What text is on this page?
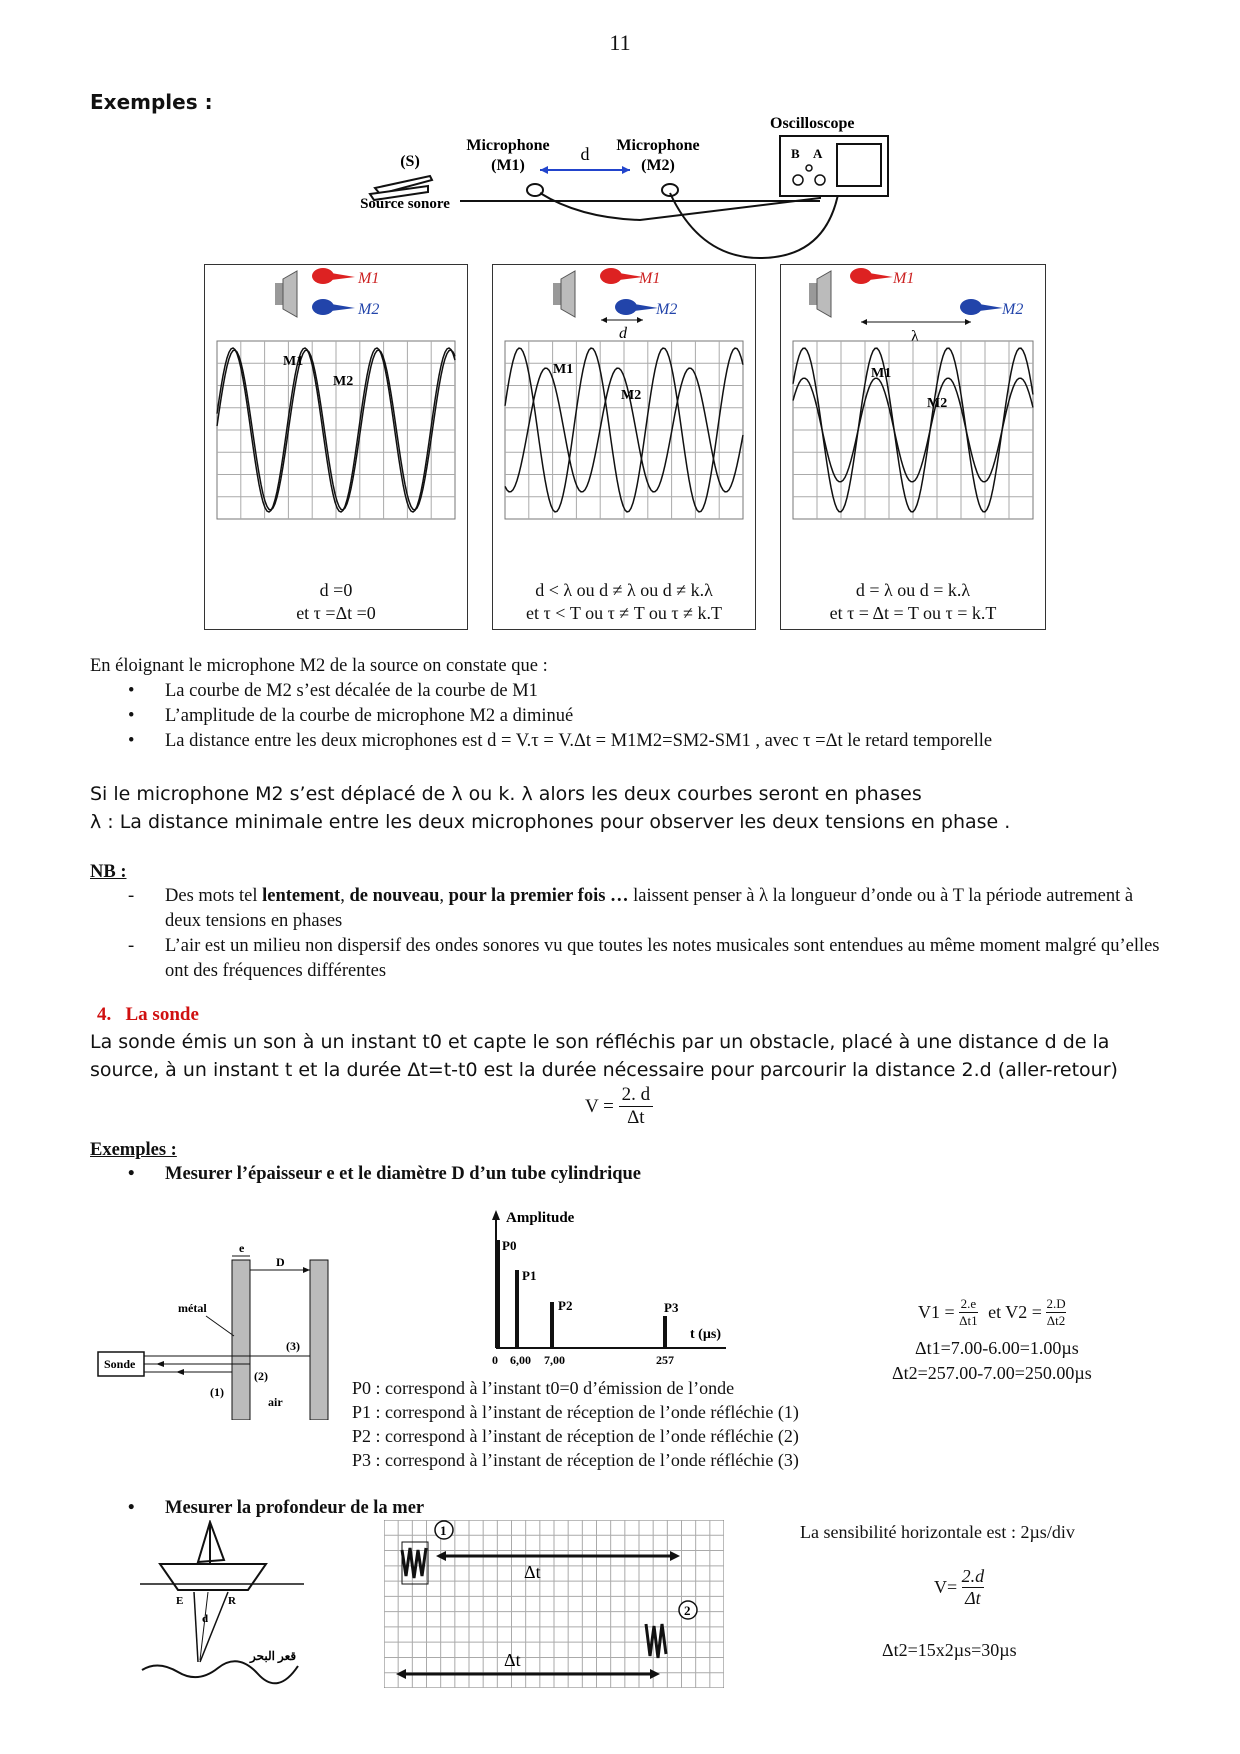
11
Exemples :
(S)
Source sonore
Microphone
(M1)
Microphone
(M2)
d
Oscilloscope
B A
M1
M2
M1
M2
d =0
et τ =Δt =0
M1
M2
d
M1
M2
d < λ ou d ≠ λ ou d ≠ k.λ
et τ < T ou τ ≠ T ou τ ≠ k.T
M1
M2
λ
M1
M2
d = λ ou d = k.λ
et τ = Δt = T ou τ = k.T
En éloignant le microphone M2 de la source on constate que :
• La courbe de M2 s’est décalée de la courbe de M1
• L’amplitude de la courbe de microphone M2 a diminué
• La distance entre les deux microphones est d = V.τ = V.Δt = M1M2=SM2-SM1 , avec τ =Δt le retard temporelle
Si le microphone M2 s’est déplacé de λ ou k. λ alors les deux courbes seront en phases
λ : La distance minimale entre les deux microphones pour observer les deux tensions en phase .
NB :
- Des mots tel lentement, de nouveau, pour la premier fois … laissent penser à λ la longueur d’onde ou à T la période autrement à deux tensions en phases
- L’air est un milieu non dispersif des ondes sonores vu que toutes les notes musicales sont entendues au même moment malgré qu’elles ont des fréquences différentes
4. La sonde
La sonde émis un son à un instant t0 et capte le son réfléchis par un obstacle, placé à une distance d de la source, à un instant t et la durée Δt=t-t0 est la durée nécessaire pour parcourir la distance 2.d (aller-retour)
$V = \frac{2. d}{\Delta t}$
Exemples :
• Mesurer l’épaisseur e et le diamètre D d’un tube cylindrique
e
D
métal
Sonde
(3)
(2)
(1)
air
Amplitude
P0
P1
P2	P3
t (µs)
0 6,00 7,00	257
P0 : correspond à l’instant t0=0 d’émission de l’onde
P1 : correspond à l’instant de réception de l’onde réfléchie (1)
P2 : correspond à l’instant de réception de l’onde réfléchie (2)
P3 : correspond à l’instant de réception de l’onde réfléchie (3)
$V1 = \frac{2.e}{\Delta t1}$ et $V2 = \frac{2.D}{\Delta t2}$
Δt1=7.00-6.00=1.00µs
Δt2=257.00-7.00=250.00µs
• Mesurer la profondeur de la mer
E	R
d
قعر البحر
1
2
Δt
Δt
La sensibilité horizontale est : 2µs/div
$V= \frac{2.d}{\Delta t}$
Δt2=15x2µs=30µs
